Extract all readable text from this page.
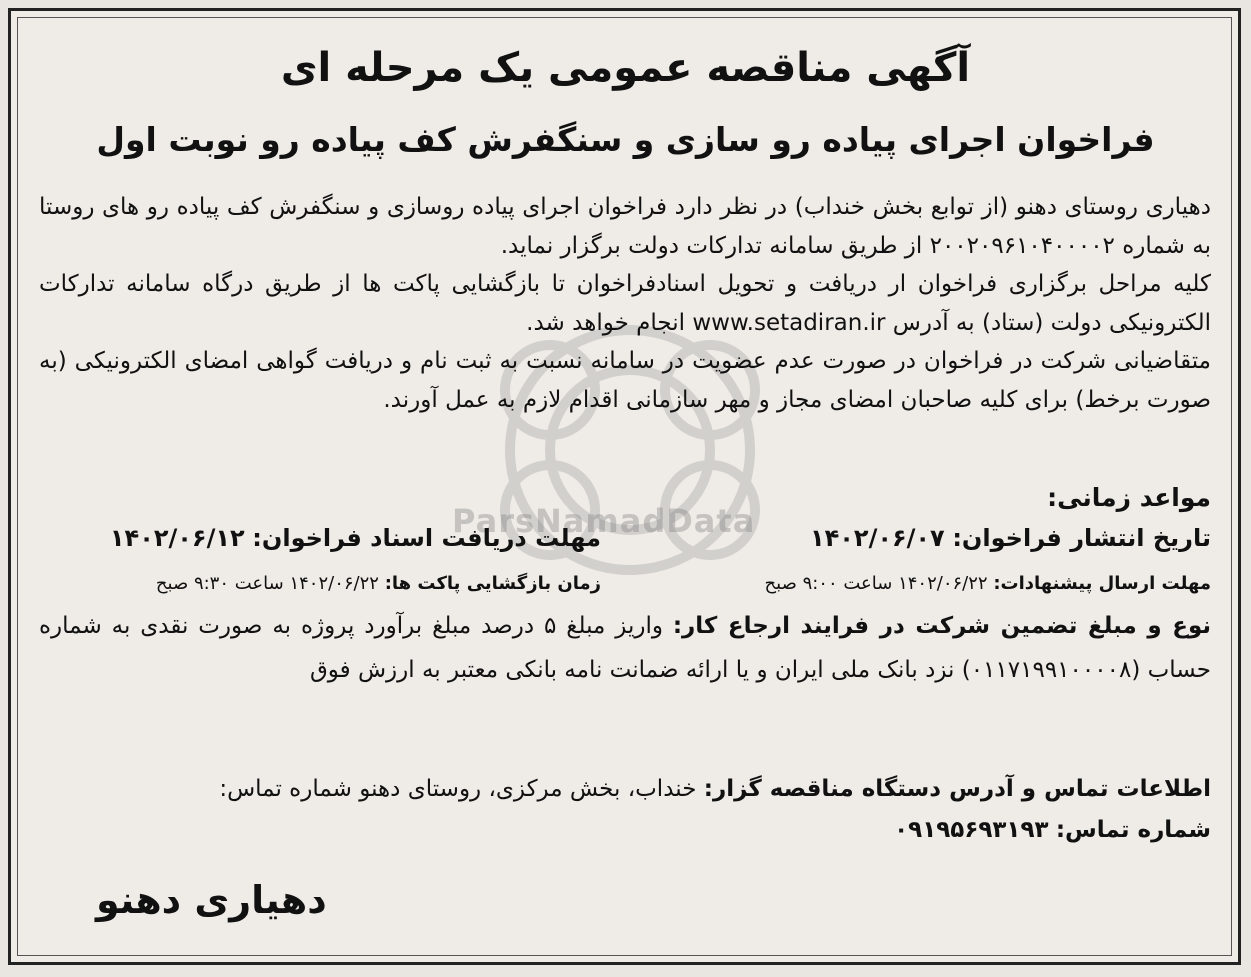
ParsNamadData
آگهی مناقصه عمومی یک مرحله ای
فراخوان اجرای پیاده رو سازی و سنگفرش کف پیاده رو نوبت اول

دهیاری روستای دهنو (از توابع بخش خنداب) در نظر دارد فراخوان اجرای پیاده روسازی و سنگفرش کف پیاده رو های روستا به شماره ۲۰۰۲۰۹۶۱۰۴۰۰۰۰۲ از طریق سامانه تدارکات دولت برگزار نماید.

کلیه مراحل برگزاری فراخوان ار دریافت و تحویل اسنادفراخوان تا بازگشایی پاکت ها از طریق درگاه سامانه تدارکات الکترونیکی دولت (ستاد) به آدرس www.setadiran.ir انجام خواهد شد.

متقاضیانی شرکت در فراخوان در صورت عدم عضویت در سامانه نسبت به ثبت نام و دریافت گواهی امضای الکترونیکی (به صورت برخط) برای کلیه صاحبان امضای مجاز و مهر سازمانی اقدام لازم به عمل آورند.

مواعد زمانی:
تاریخ انتشار فراخوان: ۱۴۰۲/۰۶/۰۷
مهلت دریافت اسناد فراخوان: ۱۴۰۲/۰۶/۱۲
مهلت ارسال پیشنهادات: ۱۴۰۲/۰۶/۲۲ ساعت ۹:۰۰ صبح
زمان بازگشایی پاکت ها: ۱۴۰۲/۰۶/۲۲ ساعت ۹:۳۰ صبح

نوع و مبلغ تضمین شرکت در فرایند ارجاع کار: واریز مبلغ ۵ درصد مبلغ برآورد پروژه به صورت نقدی به شماره حساب (۰۱۱۷۱۹۹۱۰۰۰۰۸) نزد بانک ملی ایران و یا ارائه ضمانت نامه بانکی معتبر به ارزش فوق

اطلاعات تماس و آدرس دستگاه مناقصه گزار: خنداب، بخش مرکزی، روستای دهنو شماره تماس:
شماره تماس: ۰۹۱۹۵۶۹۳۱۹۳
دهیاری دهنو
